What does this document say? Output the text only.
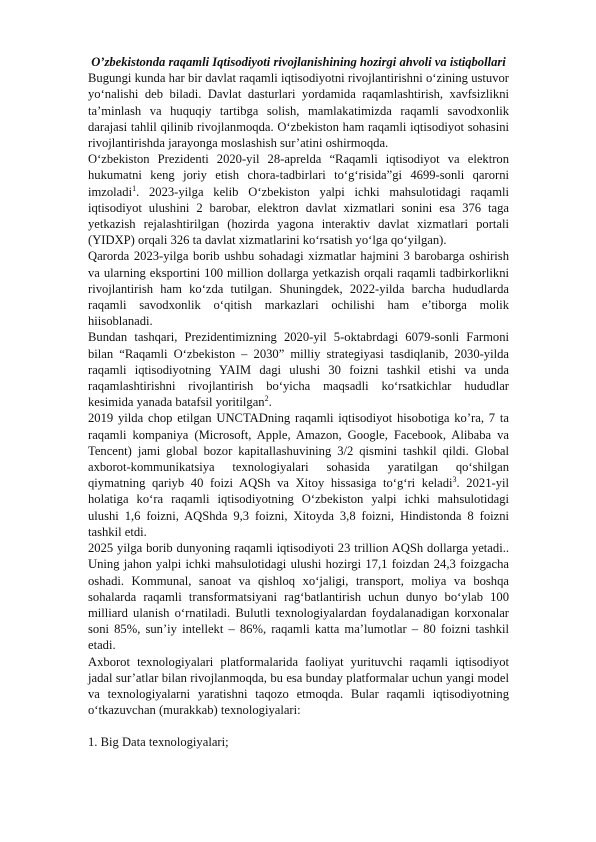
O’zbekistonda raqamli Iqtisodiyoti rivojlanishining hozirgi ahvoli va istiqbollari

Bugungi kunda har bir davlat raqamli iqtisodiyotni rivojlantirishni o‘zining ustuvor yo‘nalishi deb biladi. Davlat dasturlari yordamida raqamlashtirish, xavfsizlikni ta’minlash va huquqiy tartibga solish, mamlakatimizda raqamli savodxonlik darajasi tahlil qilinib rivojlanmoqda. O‘zbekiston ham raqamli iqtisodiyot sohasini rivojlantirishda jarayonga moslashish sur’atini oshirmoqda.

O‘zbekiston Prezidenti 2020-yil 28-aprelda “Raqamli iqtisodiyot va elektron hukumatni keng joriy etish chora-tadbirlari to‘g‘risida”gi 4699-sonli qarorni imzoladi$^1$. 2023-yilga kelib O‘zbekiston yalpi ichki mahsulotidagi raqamli iqtisodiyot ulushini 2 barobar, elektron davlat xizmatlari sonini esa 376 taga yetkazish rejalashtirilgan (hozirda yagona interaktiv davlat xizmatlari portali (YIDXP) orqali 326 ta davlat xizmatlarini ko‘rsatish yo‘lga qo‘yilgan).

Qarorda 2023-yilga borib ushbu sohadagi xizmatlar hajmini 3 barobarga oshirish va ularning eksportini 100 million dollarga yetkazish orqali raqamli tadbirkorlikni rivojlantirish ham ko‘zda tutilgan. Shuningdek, 2022-yilda barcha hududlarda raqamli savodxonlik o‘qitish markazlari ochilishi ham e’tiborga molik hiisoblanadi.

Bundan tashqari, Prezidentimizning 2020-yil 5-oktabrdagi 6079-sonli Farmoni bilan “Raqamli O‘zbekiston – 2030” milliy strategiyasi tasdiqlanib, 2030-yilda raqamli iqtisodiyotning YAIM dagi ulushi 30 foizni tashkil etishi va unda raqamlashtirishni rivojlantirish bo‘yicha maqsadli ko‘rsatkichlar hududlar kesimida yanada batafsil yoritilgan$^2$.

2019 yilda chop etilgan UNCTADning raqamli iqtisodiyot hisobotiga ko’ra, 7 ta raqamli kompaniya (Microsoft, Apple, Amazon, Google, Facebook, Alibaba va Tencent) jami global bozor kapitallashuvining 3/2 qismini tashkil qildi. Global axborot-kommunikatsiya texnologiyalari sohasida yaratilgan qo‘shilgan qiymatning qariyb 40 foizi AQSh va Xitoy hissasiga to‘g‘ri keladi$^3$. 2021-yil holatiga ko‘ra raqamli iqtisodiyotning O‘zbekiston yalpi ichki mahsulotidagi ulushi 1,6 foizni, AQShda 9,3 foizni, Xitoyda 3,8 foizni, Hindistonda 8 foizni tashkil etdi.

2025 yilga borib dunyoning raqamli iqtisodiyoti 23 trillion AQSh dollarga yetadi.. Uning jahon yalpi ichki mahsulotidagi ulushi hozirgi 17,1 foizdan 24,3 foizgacha oshadi. Kommunal, sanoat va qishloq xo‘jaligi, transport, moliya va boshqa sohalarda raqamli transformatsiyani rag‘batlantirish uchun dunyo bo‘ylab 100 milliard ulanish o‘rnatiladi. Bulutli texnologiyalardan foydalanadigan korxonalar soni 85%, sun’iy intellekt – 86%, raqamli katta ma’lumotlar – 80 foizni tashkil etadi.

Axborot texnologiyalari platformalarida faoliyat yurituvchi raqamli iqtisodiyot jadal sur’atlar bilan rivojlanmoqda, bu esa bunday platformalar uchun yangi model va texnologiyalarni yaratishni taqozo etmoqda. Bular raqamli iqtisodiyotning o‘tkazuvchan (murakkab) texnologiyalari:

1. Big Data texnologiyalari;
